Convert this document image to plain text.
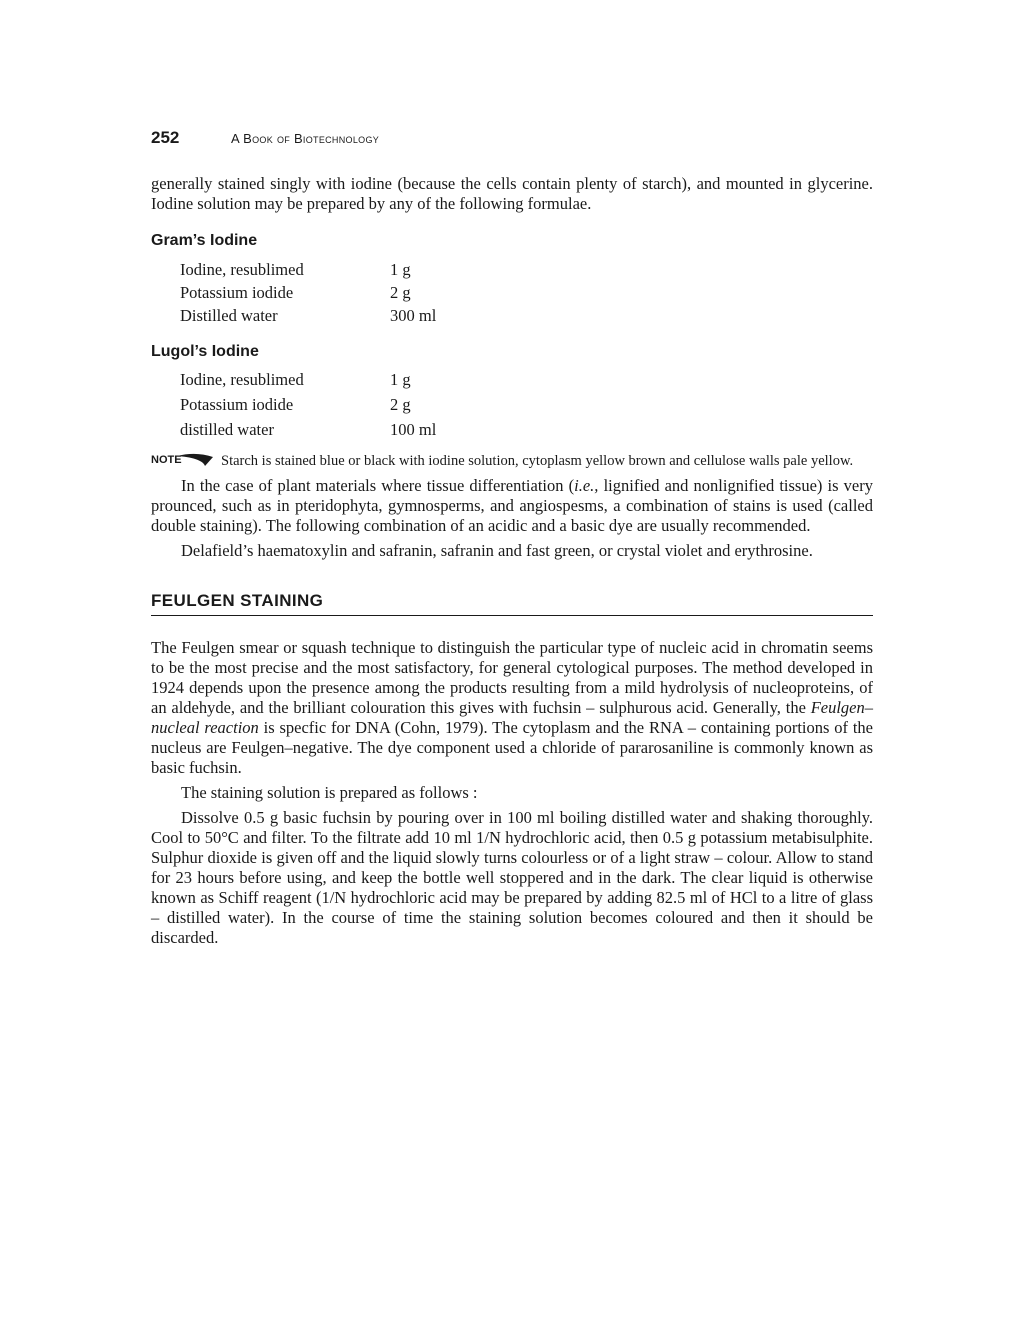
252	A Book of Biotechnology

generally stained singly with iodine (because the cells contain plenty of starch), and mounted in glycerine. Iodine solution may be prepared by any of the following formulae.

Gram’s Iodine
Iodine, resublimed	1 g
Potassium iodide	2 g
Distilled water	300 ml
Lugol’s Iodine
Iodine, resublimed	1 g
Potassium iodide	2 g
distilled water	100 ml
NOTE	Starch is stained blue or black with iodine solution, cytoplasm yellow brown and cellulose walls pale yellow.

In the case of plant materials where tissue differentiation (i.e., lignified and nonlignified tissue) is very prounced, such as in pteridophyta, gymnosperms, and angiospesms, a combination of stains is used (called double staining). The following combination of an acidic and a basic dye are usually recommended.

Delafield’s haematoxylin and safranin, safranin and fast green, or crystal violet and erythrosine.

FEULGEN STAINING

The Feulgen smear or squash technique to distinguish the particular type of nucleic acid in chromatin seems to be the most precise and the most satisfactory, for general cytological purposes. The method developed in 1924 depends upon the presence among the products resulting from a mild hydrolysis of nucleoproteins, of an aldehyde, and the brilliant colouration this gives with fuchsin – sulphurous acid. Generally, the Feulgen–nucleal reaction is specfic for DNA (Cohn, 1979). The cytoplasm and the RNA – containing portions of the nucleus are Feulgen–negative. The dye component used a chloride of pararosaniline is commonly known as basic fuchsin.

The staining solution is prepared as follows :

Dissolve 0.5 g basic fuchsin by pouring over in 100 ml boiling distilled water and shaking thoroughly. Cool to 50°C and filter. To the filtrate add 10 ml 1/N hydrochloric acid, then 0.5 g potassium metabisulphite. Sulphur dioxide is given off and the liquid slowly turns colourless or of a light straw – colour. Allow to stand for 23 hours before using, and keep the bottle well stoppered and in the dark. The clear liquid is otherwise known as Schiff reagent (1/N hydrochloric acid may be prepared by adding 82.5 ml of HCl to a litre of glass – distilled water). In the course of time the staining solution becomes coloured and then it should be discarded.
